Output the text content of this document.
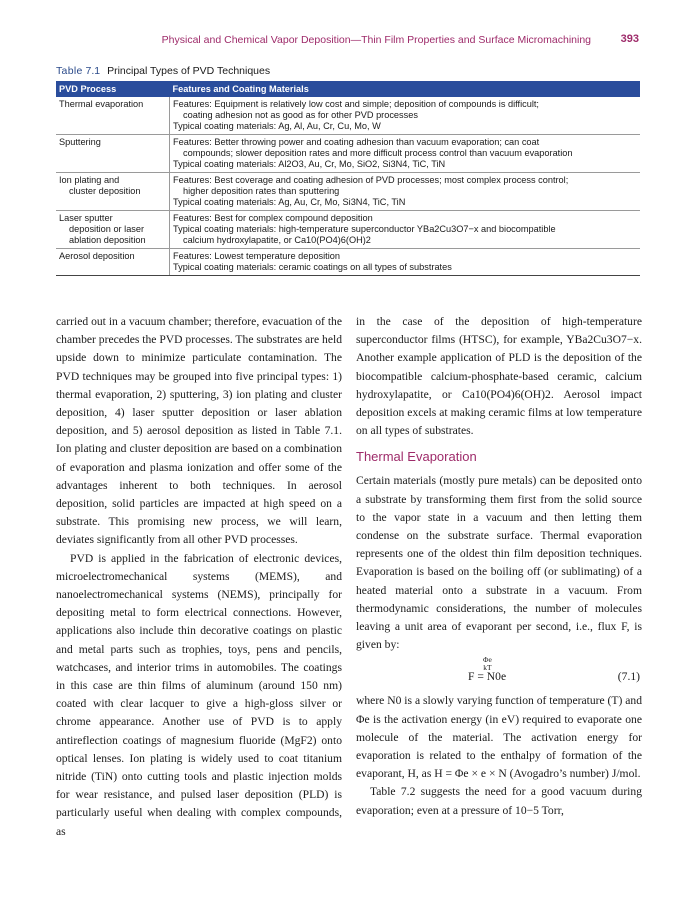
Physical and Chemical Vapor Deposition—Thin Film Properties and Surface Micromachining	393
Table 7.1 Principal Types of PVD Techniques
PVD Process	Features and Coating Materials

Thermal evaporation	Features: Equipment is relatively low cost and simple; deposition of compounds is difficult;
coating adhesion not as good as for other PVD processes
Typical coating materials: Ag, Al, Au, Cr, Cu, Mo, W

Sputtering	Features: Better throwing power and coating adhesion than vacuum evaporation; can coat
compounds; slower deposition rates and more difficult process control than vacuum evaporation
Typical coating materials: Al2O3, Au, Cr, Mo, SiO2, Si3N4, TiC, TiN

Ion plating and
cluster deposition	Features: Best coverage and coating adhesion of PVD processes; most complex process control;
higher deposition rates than sputtering
Typical coating materials: Ag, Au, Cr, Mo, Si3N4, TiC, TiN

Laser sputter
deposition or laser
ablation deposition	Features: Best for complex compound deposition
Typical coating materials: high-temperature superconductor YBa2Cu3O7−x and biocompatible
calcium hydroxylapatite, or Ca10(PO4)6(OH)2

Aerosol deposition	Features: Lowest temperature deposition
Typical coating materials: ceramic coatings on all types of substrates

carried out in a vacuum chamber; therefore, evacuation of the chamber precedes the PVD processes. The substrates are held upside down to minimize particulate contamination. The PVD techniques may be grouped into five principal types: 1) thermal evaporation, 2) sputtering, 3) ion plating and cluster deposition, 4) laser sputter deposition or laser ablation deposition, and 5) aerosol deposition as listed in Table 7.1. Ion plating and cluster deposition are based on a combination of evaporation and plasma ionization and offer some of the advantages inherent to both techniques. In aerosol deposition, solid particles are impacted at high speed on a substrate. This promising new process, we will learn, deviates significantly from all other PVD processes.

PVD is applied in the fabrication of electronic devices, microelectromechanical systems (MEMS), and nanoelectromechanical systems (NEMS), principally for depositing metal to form electrical connections. However, applications also include thin decorative coatings on plastic and metal parts such as trophies, toys, pens and pencils, watchcases, and interior trims in automobiles. The coatings in this case are thin films of aluminum (around 150 nm) coated with clear lacquer to give a high-gloss silver or chrome appearance. Another use of PVD is to apply antireflection coatings of magnesium fluoride (MgF2) onto optical lenses. Ion plating is widely used to coat titanium nitride (TiN) onto cutting tools and plastic injection molds for wear resistance, and pulsed laser deposition (PLD) is particularly useful when dealing with complex compounds, as

in the case of the deposition of high-temperature superconductor films (HTSC), for example, YBa2Cu3O7−x. Another example application of PLD is the deposition of the biocompatible calcium-phosphate-based ceramic, calcium hydroxylapatite, or Ca10(PO4)6(OH)2. Aerosol impact deposition excels at making ceramic films at low temperature on all types of substrates.

Thermal Evaporation

Certain materials (mostly pure metals) can be deposited onto a substrate by transforming them first from the solid source to the vapor state in a vacuum and then letting them condense on the substrate surface. Thermal evaporation represents one of the oldest thin film deposition techniques. Evaporation is based on the boiling off (or sublimating) of a heated material onto a substrate in a vacuum. From thermodynamic considerations, the number of molecules leaving a unit area of evaporant per second, i.e., flux F, is given by:

Φe
kT
F = N0e	(7.1)

where N0 is a slowly varying function of temperature (T) and Φe is the activation energy (in eV) required to evaporate one molecule of the material. The activation energy for evaporation is related to the enthalpy of formation of the evaporant, H, as H = Φe × e × N (Avogadro’s number) J/mol.

Table 7.2 suggests the need for a good vacuum during evaporation; even at a pressure of 10−5 Torr,
